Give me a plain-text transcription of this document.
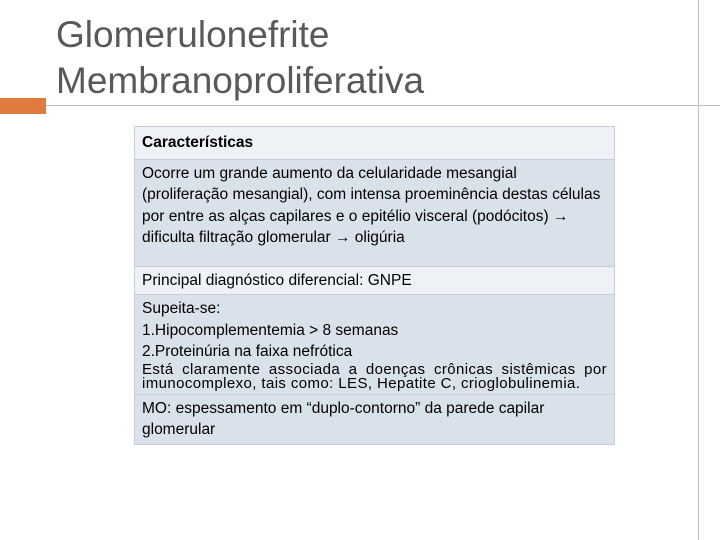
Glomerulonefrite
Membranoproliferativa
Características
Ocorre um grande aumento da celularidade mesangial (proliferação mesangial), com intensa proeminência destas células por entre as alças capilares e o epitélio visceral (podócitos) → dificulta filtração glomerular → oligúria

Principal diagnóstico diferencial: GNPE

Supeita-se:
1.Hipocomplementemia > 8 semanas
2.Proteinúria na faixa nefrótica
Está claramente associada a doenças crônicas sistêmicas por imunocomplexo, tais como: LES, Hepatite C, crioglobulinemia.

MO: espessamento em “duplo-contorno” da parede capilar glomerular
